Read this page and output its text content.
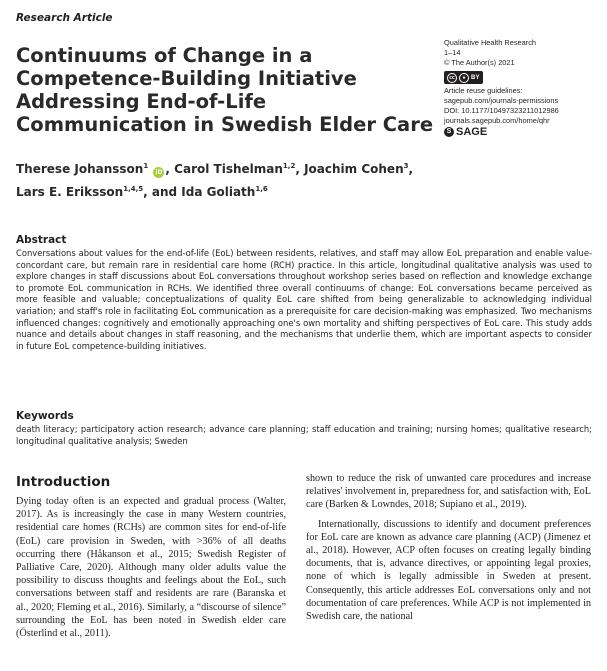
Research Article
Continuums of Change in a Competence-Building Initiative Addressing End-of-Life Communication in Swedish Elder Care
Qualitative Health Research
1–14
© The Author(s) 2021
cc	● BY
Article reuse guidelines:
sagepub.com/journals-permissions
DOI: 10.1177/10497323211012986
journals.sagepub.com/home/qhr
S SAGE
Therese Johansson$^1$ iD , Carol Tishelman$^{1,2}$, Joachim Cohen$^3$,
Lars E. Eriksson$^{1,4,5}$, and Ida Goliath$^{1,6}$
Abstract

Conversations about values for the end-of-life (EoL) between residents, relatives, and staff may allow EoL preparation and enable value-concordant care, but remain rare in residential care home (RCH) practice. In this article, longitudinal qualitative analysis was used to explore changes in staff discussions about EoL conversations throughout workshop series based on reflection and knowledge exchange to promote EoL communication in RCHs. We identified three overall continuums of change: EoL conversations became perceived as more feasible and valuable; conceptualizations of quality EoL care shifted from being generalizable to acknowledging individual variation; and staff's role in facilitating EoL communication as a prerequisite for care decision-making was emphasized. Two mechanisms influenced changes: cognitively and emotionally approaching one's own mortality and shifting perspectives of EoL care. This study adds nuance and details about changes in staff reasoning, and the mechanisms that underlie them, which are important aspects to consider in future EoL competence-building initiatives.

Keywords

death literacy; participatory action research; advance care planning; staff education and training; nursing homes; qualitative research; longitudinal qualitative analysis; Sweden

Introduction

Dying today often is an expected and gradual process (Walter, 2017). As is increasingly the case in many Western countries, residential care homes (RCHs) are common sites for end-of-life (EoL) care provision in Sweden, with >36% of all deaths occurring there (Håkanson et al., 2015; Swedish Register of Palliative Care, 2020). Although many older adults value the possibility to discuss thoughts and feelings about the EoL, such conversations between staff and residents are rare (Baranska et al., 2020; Fleming et al., 2016). Similarly, a “discourse of silence” surrounding the EoL has been noted in Swedish elder care (Österlind et al., 2011).

shown to reduce the risk of unwanted care procedures and increase relatives' involvement in, preparedness for, and satisfaction with, EoL care (Barken & Lowndes, 2018; Supiano et al., 2019).

Internationally, discussions to identify and document preferences for EoL care are known as advance care planning (ACP) (Jimenez et al., 2018). However, ACP often focuses on creating legally binding documents, that is, advance directives, or appointing legal proxies, none of which is legally admissible in Sweden at present. Consequently, this article addresses EoL conversations only and not documentation of care preferences. While ACP is not implemented in Swedish care, the national
